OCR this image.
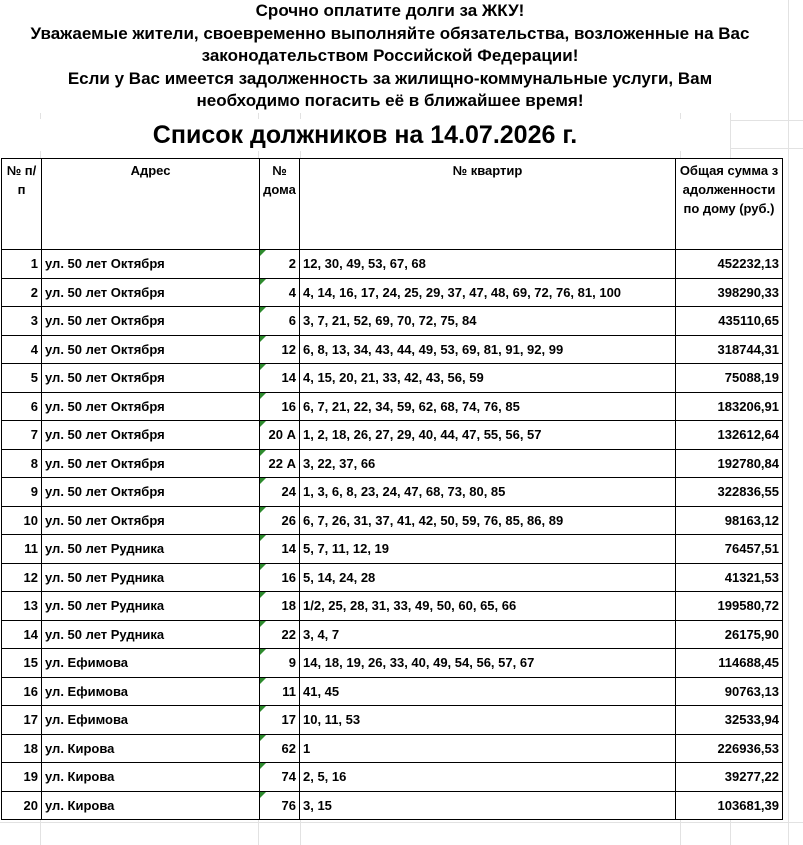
Срочно оплатите долги за ЖКУ!
Уважаемые жители, своевременно выполняйте обязательства, возложенные на Вас
законодательством Российской Федерации!
Если у Вас имеется задолженность за жилищно-коммунальные услуги, Вам
необходимо погасить её в ближайшее время!
Список должников на 14.07.2026 г.
№ п/п	Адрес	№ дома	№ квартир	Общая сумма задолженности по дому (руб.)
1	ул. 50 лет Октября	2	12, 30, 49, 53, 67, 68	452232,13
2	ул. 50 лет Октября	4	4, 14, 16, 17, 24, 25, 29, 37, 47, 48, 69, 72, 76, 81, 100	398290,33
3	ул. 50 лет Октября	6	3, 7, 21, 52, 69, 70, 72, 75, 84	435110,65
4	ул. 50 лет Октября	12	6, 8, 13, 34, 43, 44, 49, 53, 69, 81, 91, 92, 99	318744,31
5	ул. 50 лет Октября	14	4, 15, 20, 21, 33, 42, 43, 56, 59	75088,19
6	ул. 50 лет Октября	16	6, 7, 21, 22, 34, 59, 62, 68, 74, 76, 85	183206,91
7	ул. 50 лет Октября	20 А	1, 2, 18, 26, 27, 29, 40, 44, 47, 55, 56, 57	132612,64
8	ул. 50 лет Октября	22 А	3, 22, 37, 66	192780,84
9	ул. 50 лет Октября	24	1, 3, 6, 8, 23, 24, 47, 68, 73, 80, 85	322836,55
10	ул. 50 лет Октября	26	6, 7, 26, 31, 37, 41, 42, 50, 59, 76, 85, 86, 89	98163,12
11	ул. 50 лет Рудника	14	5, 7, 11, 12, 19	76457,51
12	ул. 50 лет Рудника	16	5, 14, 24, 28	41321,53
13	ул. 50 лет Рудника	18	1/2, 25, 28, 31, 33, 49, 50, 60, 65, 66	199580,72
14	ул. 50 лет Рудника	22	3, 4, 7	26175,90
15	ул. Ефимова	9	14, 18, 19, 26, 33, 40, 49, 54, 56, 57, 67	114688,45
16	ул. Ефимова	11	41, 45	90763,13
17	ул. Ефимова	17	10, 11, 53	32533,94
18	ул. Кирова	62	1	226936,53
19	ул. Кирова	74	2, 5, 16	39277,22
20	ул. Кирова	76	3, 15	103681,39
